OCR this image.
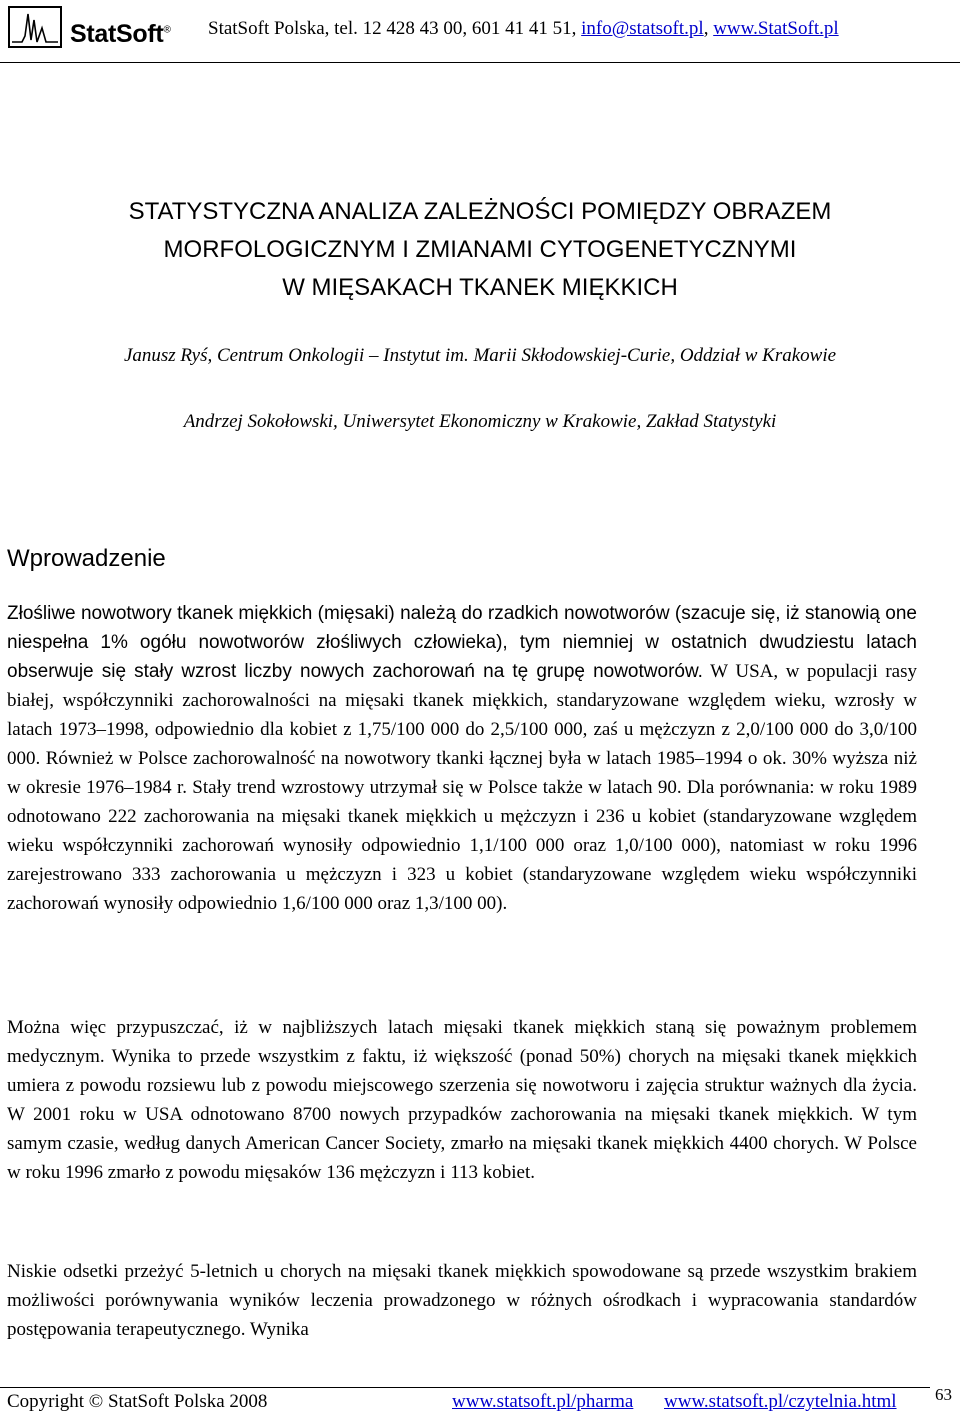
StatSoft® StatSoft Polska, tel. 12 428 43 00, 601 41 41 51, info@statsoft.pl, www.StatSoft.pl
STATYSTYCZNA ANALIZA ZALEŻNOŚCI POMIĘDZY OBRAZEM
MORFOLOGICZNYM I ZMIANAMI CYTOGENETYCZNYMI
W MIĘSAKACH TKANEK MIĘKKICH
Janusz Ryś, Centrum Onkologii – Instytut im. Marii Skłodowskiej-Curie, Oddział w Krakowie
Andrzej Sokołowski, Uniwersytet Ekonomiczny w Krakowie, Zakład Statystyki
Wprowadzenie

Złośliwe nowotwory tkanek miękkich (mięsaki) należą do rzadkich nowotworów (szacuje się, iż stanowią one niespełna 1% ogółu nowotworów złośliwych człowieka), tym niemniej w ostatnich dwudziestu latach obserwuje się stały wzrost liczby nowych zachorowań na tę grupę nowotworów. W USA, w populacji rasy białej, współczynniki zachorowalności na mięsaki tkanek miękkich, standaryzowane względem wieku, wzrosły w latach 1973–1998, odpowiednio dla kobiet z 1,75/100 000 do 2,5/100 000, zaś u mężczyzn z 2,0/100 000 do 3,0/100 000. Również w Polsce zachorowalność na nowotwory tkanki łącznej była w latach 1985–1994 o ok. 30% wyższa niż w okresie 1976–1984 r. Stały trend wzrostowy utrzymał się w Polsce także w latach 90. Dla porównania: w roku 1989 odnotowano 222 zachorowania na mięsaki tkanek miękkich u mężczyzn i 236 u kobiet (standaryzowane względem wieku współczynniki zachorowań wynosiły odpowiednio 1,1/100 000 oraz 1,0/100 000), natomiast w roku 1996 zarejestrowano 333 zachorowania u mężczyzn i 323 u kobiet (standaryzowane względem wieku współczynniki zachorowań wynosiły odpowiednio 1,6/100 000 oraz 1,3/100 00).

Można więc przypuszczać, iż w najbliższych latach mięsaki tkanek miękkich staną się poważnym problemem medycznym. Wynika to przede wszystkim z faktu, iż większość (ponad 50%) chorych na mięsaki tkanek miękkich umiera z powodu rozsiewu lub z powodu miejscowego szerzenia się nowotworu i zajęcia struktur ważnych dla życia. W 2001 roku w USA odnotowano 8700 nowych przypadków zachorowania na mięsaki tkanek miękkich. W tym samym czasie, według danych American Cancer Society, zmarło na mięsaki tkanek miękkich 4400 chorych. W Polsce w roku 1996 zmarło z powodu mięsaków 136 mężczyzn i 113 kobiet.

Niskie odsetki przeżyć 5-letnich u chorych na mięsaki tkanek miękkich spowodowane są przede wszystkim brakiem możliwości porównywania wyników leczenia prowadzonego w różnych ośrodkach i wypracowania standardów postępowania terapeutycznego. Wynika

Copyright © StatSoft Polska 2008	www.statsoft.pl/pharma www.statsoft.pl/czytelnia.html 63
